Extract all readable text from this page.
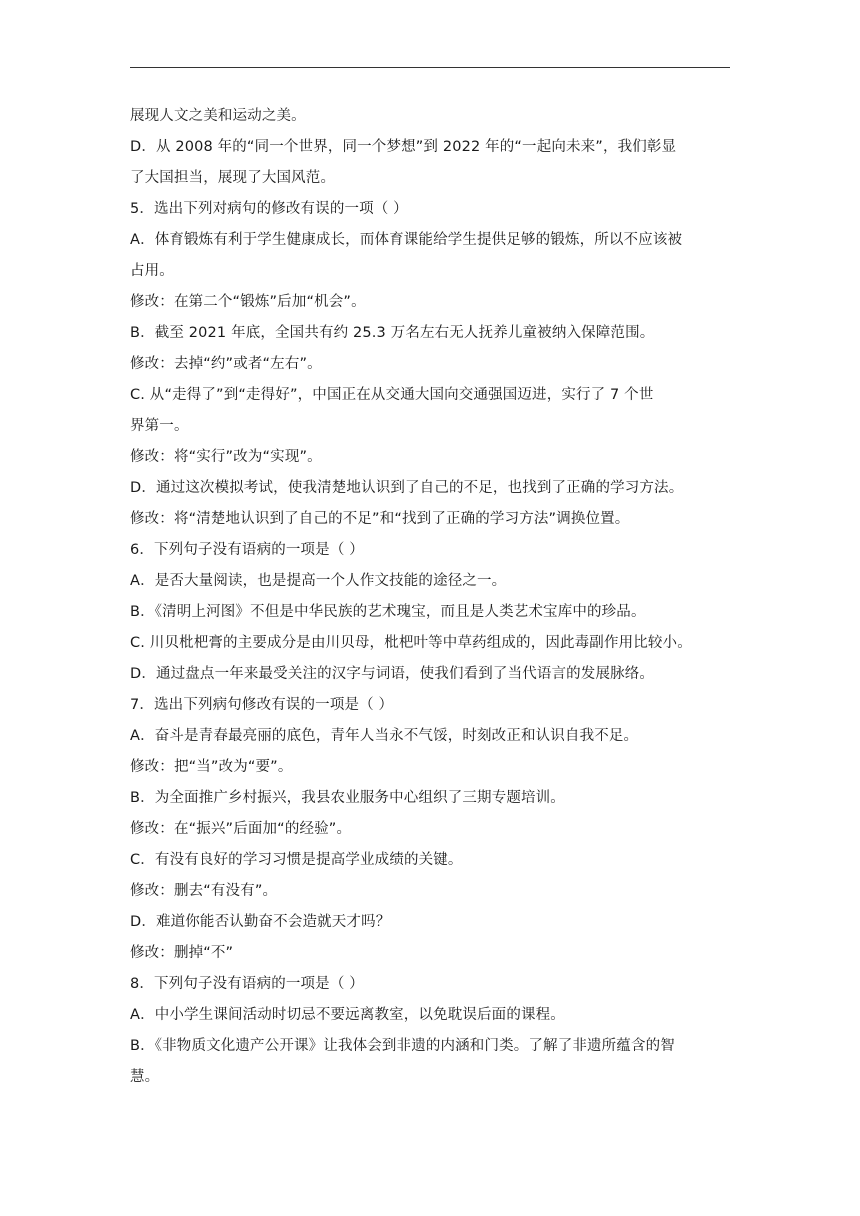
展现人文之美和运动之美。
D．从 2008 年的“同一个世界，同一个梦想”到 2022 年的“一起向未来”，我们彰显
了大国担当，展现了大国风范。
5．选出下列对病句的修改有误的一项（ ）
A．体育锻炼有利于学生健康成长，而体育课能给学生提供足够的锻炼，所以不应该被
占用。
修改：在第二个“锻炼”后加“机会”。
B．截至 2021 年底，全国共有约 25.3 万名左右无人抚养儿童被纳入保障范围。
修改：去掉“约”或者“左右”。
C. 从“走得了”到“走得好”，中国正在从交通大国向交通强国迈进，实行了 7 个世
界第一。
修改：将“实行”改为“实现”。
D．通过这次模拟考试，使我清楚地认识到了自己的不足，也找到了正确的学习方法。
修改：将“清楚地认识到了自己的不足”和“找到了正确的学习方法”调换位置。
6．下列句子没有语病的一项是（ ）
A．是否大量阅读，也是提高一个人作文技能的途径之一。
B．《清明上河图》不但是中华民族的艺术瑰宝，而且是人类艺术宝库中的珍品。
C. 川贝枇杷膏的主要成分是由川贝母，枇杷叶等中草药组成的，因此毒副作用比较小。
D．通过盘点一年来最受关注的汉字与词语，使我们看到了当代语言的发展脉络。
7．选出下列病句修改有误的一项是（ ）
A．奋斗是青春最亮丽的底色，青年人当永不气馁，时刻改正和认识自我不足。
修改：把“当”改为“要”。
B．为全面推广乡村振兴，我县农业服务中心组织了三期专题培训。
修改：在“振兴”后面加“的经验”。
C．有没有良好的学习习惯是提高学业成绩的关键。
修改：删去“有没有”。
D．难道你能否认勤奋不会造就天才吗？
修改：删掉“不”
8．下列句子没有语病的一项是（ ）
A．中小学生课间活动时切忌不要远离教室，以免耽误后面的课程。
B．《非物质文化遗产公开课》让我体会到非遗的内涵和门类。了解了非遗所蕴含的智
慧。
